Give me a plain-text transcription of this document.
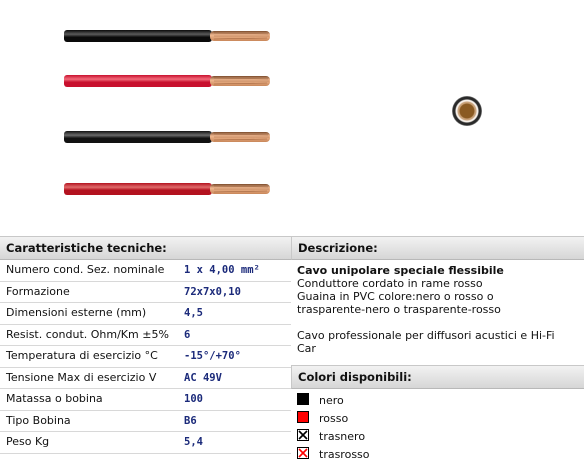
Caratteristiche tecniche:
Numero cond. Sez. nominale 1 x 4,00 mm²
Formazione	72x7x0,10
Dimensioni esterne (mm)	4,5
Resist. condut. Ohm/Km ±5% 6
Temperatura di esercizio °C -15°/+70°
Tensione Max di esercizio V	AC 49V
Matassa o bobina	100
Tipo Bobina	B6
Peso Kg	5,4
Descrizione:
Cavo unipolare speciale flessibile
Conduttore cordato in rame rosso
Guaina in PVC colore:nero o rosso o
trasparente-nero o trasparente-rosso
Cavo professionale per diffusori acustici e Hi-Fi
Car
Colori disponibili:
nero
rosso
trasnero
trasrosso
